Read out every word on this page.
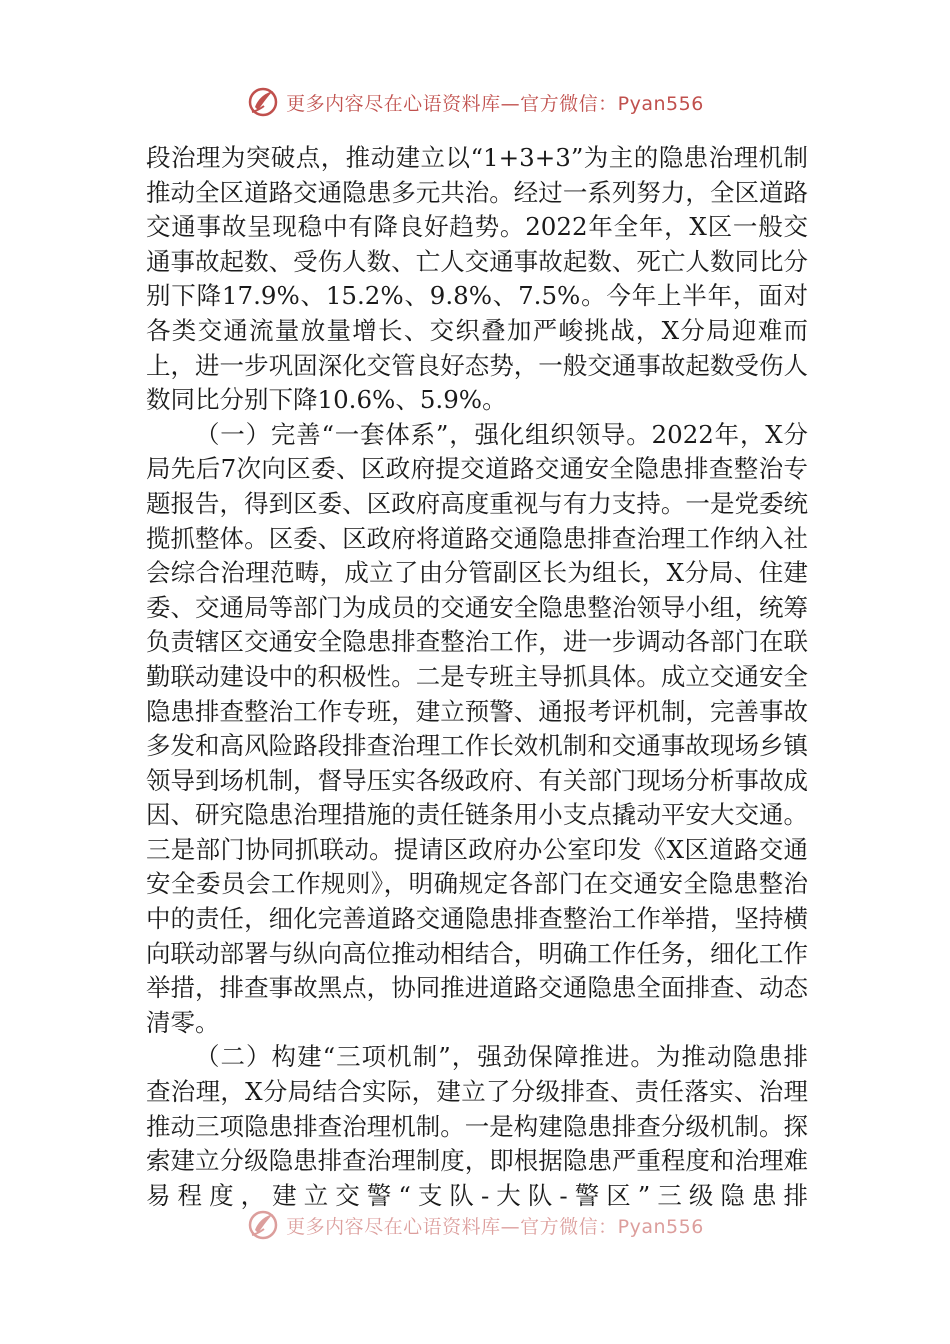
更多内容尽在心语资料库—官方微信：Pyan556

段治理为突破点，推动建立以“1+3+3”为主的隐患治理机制推动全区道路交通隐患多元共治。经过一系列努力，全区道路交通事故呈现稳中有降良好趋势。2022年全年，X区一般交通事故起数、受伤人数、亡人交通事故起数、死亡人数同比分别下降17.9%、15.2%、9.8%、7.5%。今年上半年，面对各类交通流量放量增长、交织叠加严峻挑战，X分局迎难而上，进一步巩固深化交管良好态势，一般交通事故起数受伤人数同比分别下降10.6%、5.9%。

（一）完善“一套体系”，强化组织领导。2022年，X分局先后7次向区委、区政府提交道路交通安全隐患排查整治专题报告，得到区委、区政府高度重视与有力支持。一是党委统揽抓整体。区委、区政府将道路交通隐患排查治理工作纳入社会综合治理范畴，成立了由分管副区长为组长，X分局、住建委、交通局等部门为成员的交通安全隐患整治领导小组，统筹负责辖区交通安全隐患排查整治工作，进一步调动各部门在联勤联动建设中的积极性。二是专班主导抓具体。成立交通安全隐患排查整治工作专班，建立预警、通报考评机制，完善事故多发和高风险路段排查治理工作长效机制和交通事故现场乡镇领导到场机制，督导压实各级政府、有关部门现场分析事故成因、研究隐患治理措施的责任链条用小支点撬动平安大交通。三是部门协同抓联动。提请区政府办公室印发《X区道路交通安全委员会工作规则》，明确规定各部门在交通安全隐患整治中的责任，细化完善道路交通隐患排查整治工作举措，坚持横向联动部署与纵向高位推动相结合，明确工作任务，细化工作举措，排查事故黑点，协同推进道路交通隐患全面排查、动态清零。

（二）构建“三项机制”，强劲保障推进。为推动隐患排查治理，X分局结合实际，建立了分级排查、责任落实、治理推动三项隐患排查治理机制。一是构建隐患排查分级机制。探索建立分级隐患排查治理制度，即根据隐患严重程度和治理难易程度，建立交警“支队-大队-警区”三级隐患排

更多内容尽在心语资料库—官方微信：Pyan556
